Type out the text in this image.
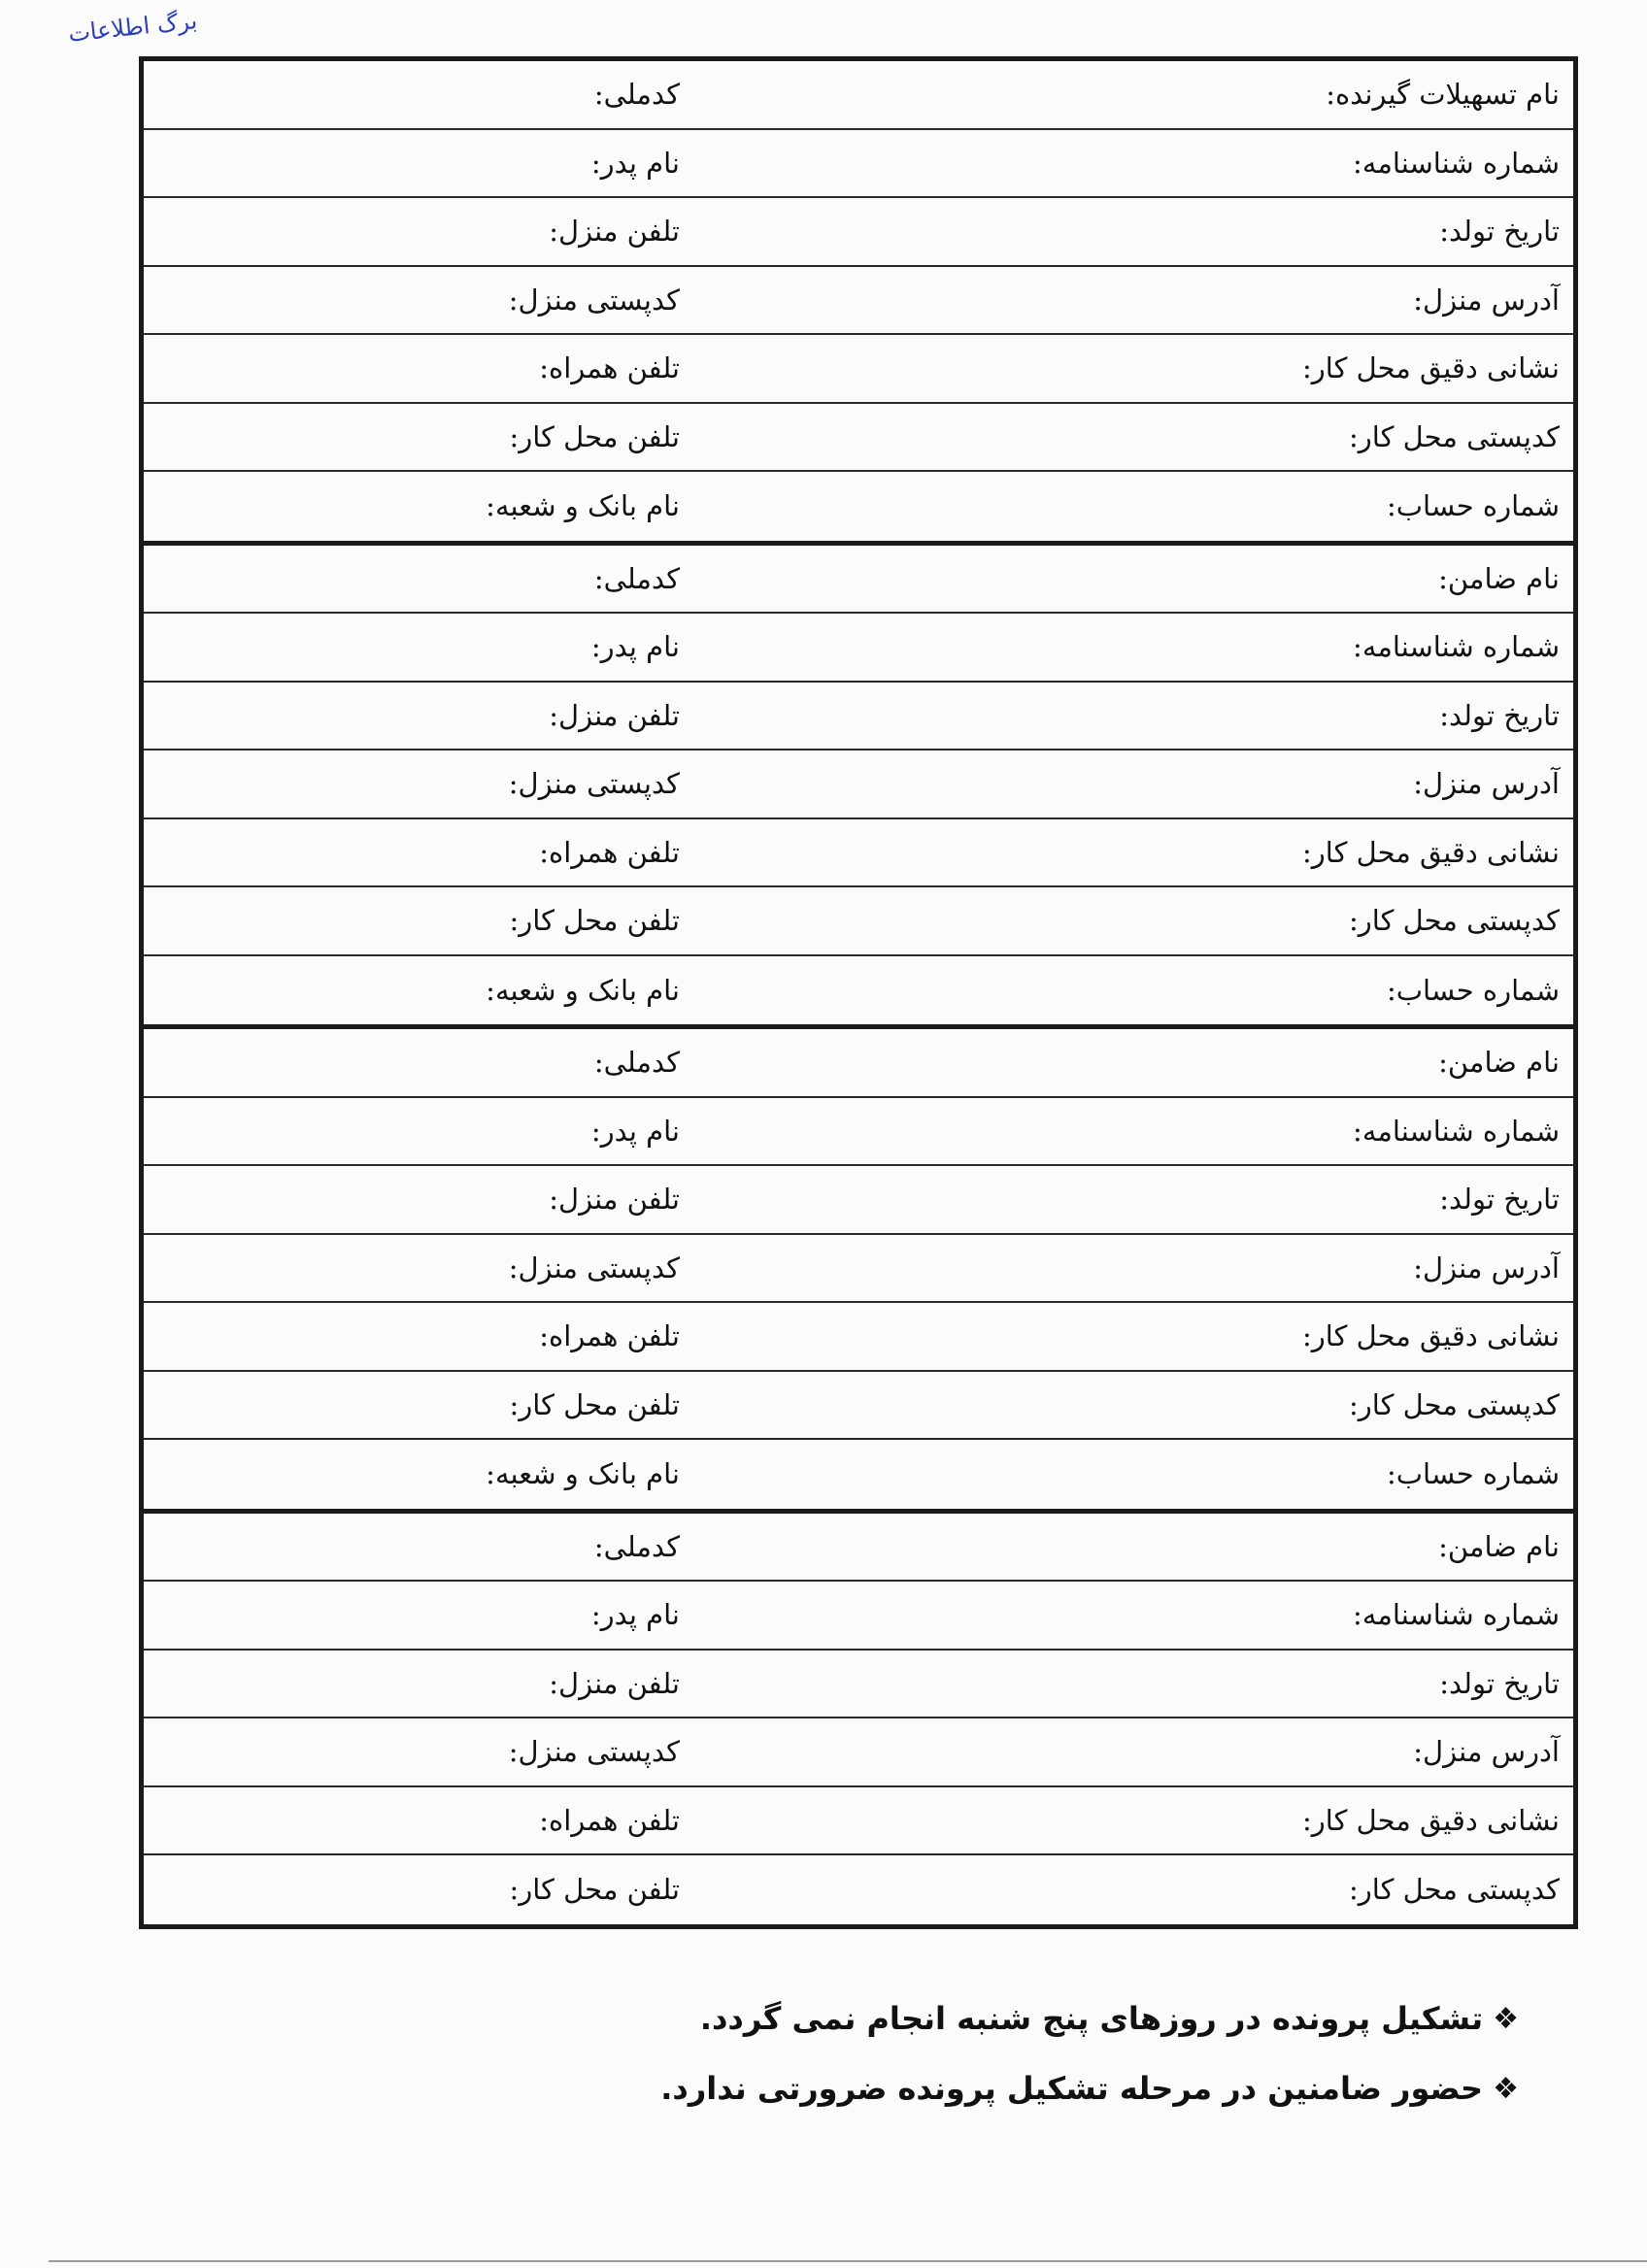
برگ اطلاعات
نام تسهیلات گیرنده:
کدملی:
شماره شناسنامه:
نام پدر:
تاریخ تولد:
تلفن منزل:
آدرس منزل:
کدپستی منزل:
نشانی دقیق محل کار:
تلفن همراه:
کدپستی محل کار:
تلفن محل کار:
شماره حساب:
نام بانک و شعبه:
نام ضامن:
کدملی:
شماره شناسنامه:
نام پدر:
تاریخ تولد:
تلفن منزل:
آدرس منزل:
کدپستی منزل:
نشانی دقیق محل کار:
تلفن همراه:
کدپستی محل کار:
تلفن محل کار:
شماره حساب:
نام بانک و شعبه:
نام ضامن:
کدملی:
شماره شناسنامه:
نام پدر:
تاریخ تولد:
تلفن منزل:
آدرس منزل:
کدپستی منزل:
نشانی دقیق محل کار:
تلفن همراه:
کدپستی محل کار:
تلفن محل کار:
شماره حساب:
نام بانک و شعبه:
نام ضامن:
کدملی:
شماره شناسنامه:
نام پدر:
تاریخ تولد:
تلفن منزل:
آدرس منزل:
کدپستی منزل:
نشانی دقیق محل کار:
تلفن همراه:
کدپستی محل کار:
تلفن محل کار:
❖
تشکیل پرونده در روزهای پنج شنبه انجام نمی گردد.
❖
حضور ضامنین در مرحله تشکیل پرونده ضرورتی ندارد.
